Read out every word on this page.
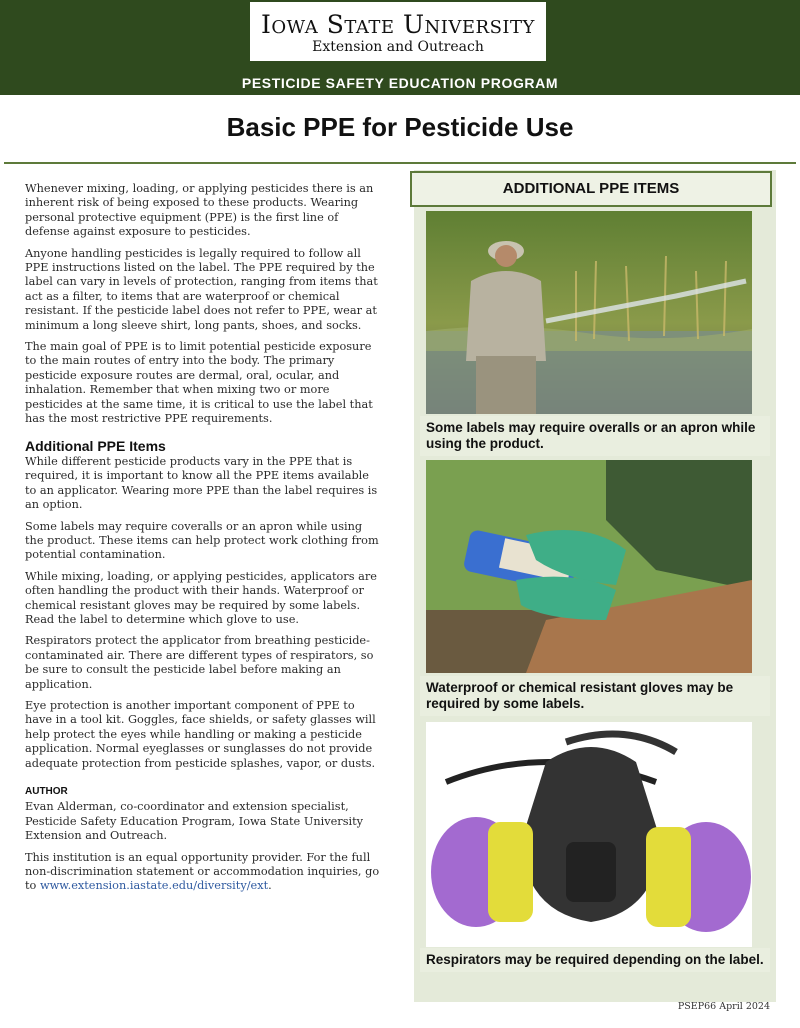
Iowa State University
Extension and Outreach
PESTICIDE SAFETY EDUCATION PROGRAM
Basic PPE for Pesticide Use

Whenever mixing, loading, or applying pesticides there is an inherent risk of being exposed to these products. Wearing personal protective equipment (PPE) is the first line of defense against exposure to pesticides.

Anyone handling pesticides is legally required to follow all PPE instructions listed on the label. The PPE required by the label can vary in levels of protection, ranging from items that act as a filter, to items that are waterproof or chemical resistant. If the pesticide label does not refer to PPE, wear at minimum a long sleeve shirt, long pants, shoes, and socks.

The main goal of PPE is to limit potential pesticide exposure to the main routes of entry into the body. The primary pesticide exposure routes are dermal, oral, ocular, and inhalation. Remember that when mixing two or more pesticides at the same time, it is critical to use the label that has the most restrictive PPE requirements.

Additional PPE Items

While different pesticide products vary in the PPE that is required, it is important to know all the PPE items available to an applicator. Wearing more PPE than the label requires is an option.

Some labels may require coveralls or an apron while using the product. These items can help protect work clothing from potential contamination.

While mixing, loading, or applying pesticides, applicators are often handling the product with their hands. Waterproof or chemical resistant gloves may be required by some labels. Read the label to determine which glove to use.

Respirators protect the applicator from breathing pesticide-contaminated air. There are different types of respirators, so be sure to consult the pesticide label before making an application.

Eye protection is another important component of PPE to have in a tool kit. Goggles, face shields, or safety glasses will help protect the eyes while handling or making a pesticide application. Normal eyeglasses or sunglasses do not provide adequate protection from pesticide splashes, vapor, or dusts.

AUTHOR

Evan Alderman, co-coordinator and extension specialist, Pesticide Safety Education Program, Iowa State University Extension and Outreach.

This institution is an equal opportunity provider. For the full non-discrimination statement or accommodation inquiries, go to www.extension.iastate.edu/diversity/ext.

ADDITIONAL PPE ITEMS
Some labels may require overalls or an apron while using the product.
Waterproof or chemical resistant gloves may be required by some labels.
Respirators may be required depending on the label.
PSEP66 April 2024
